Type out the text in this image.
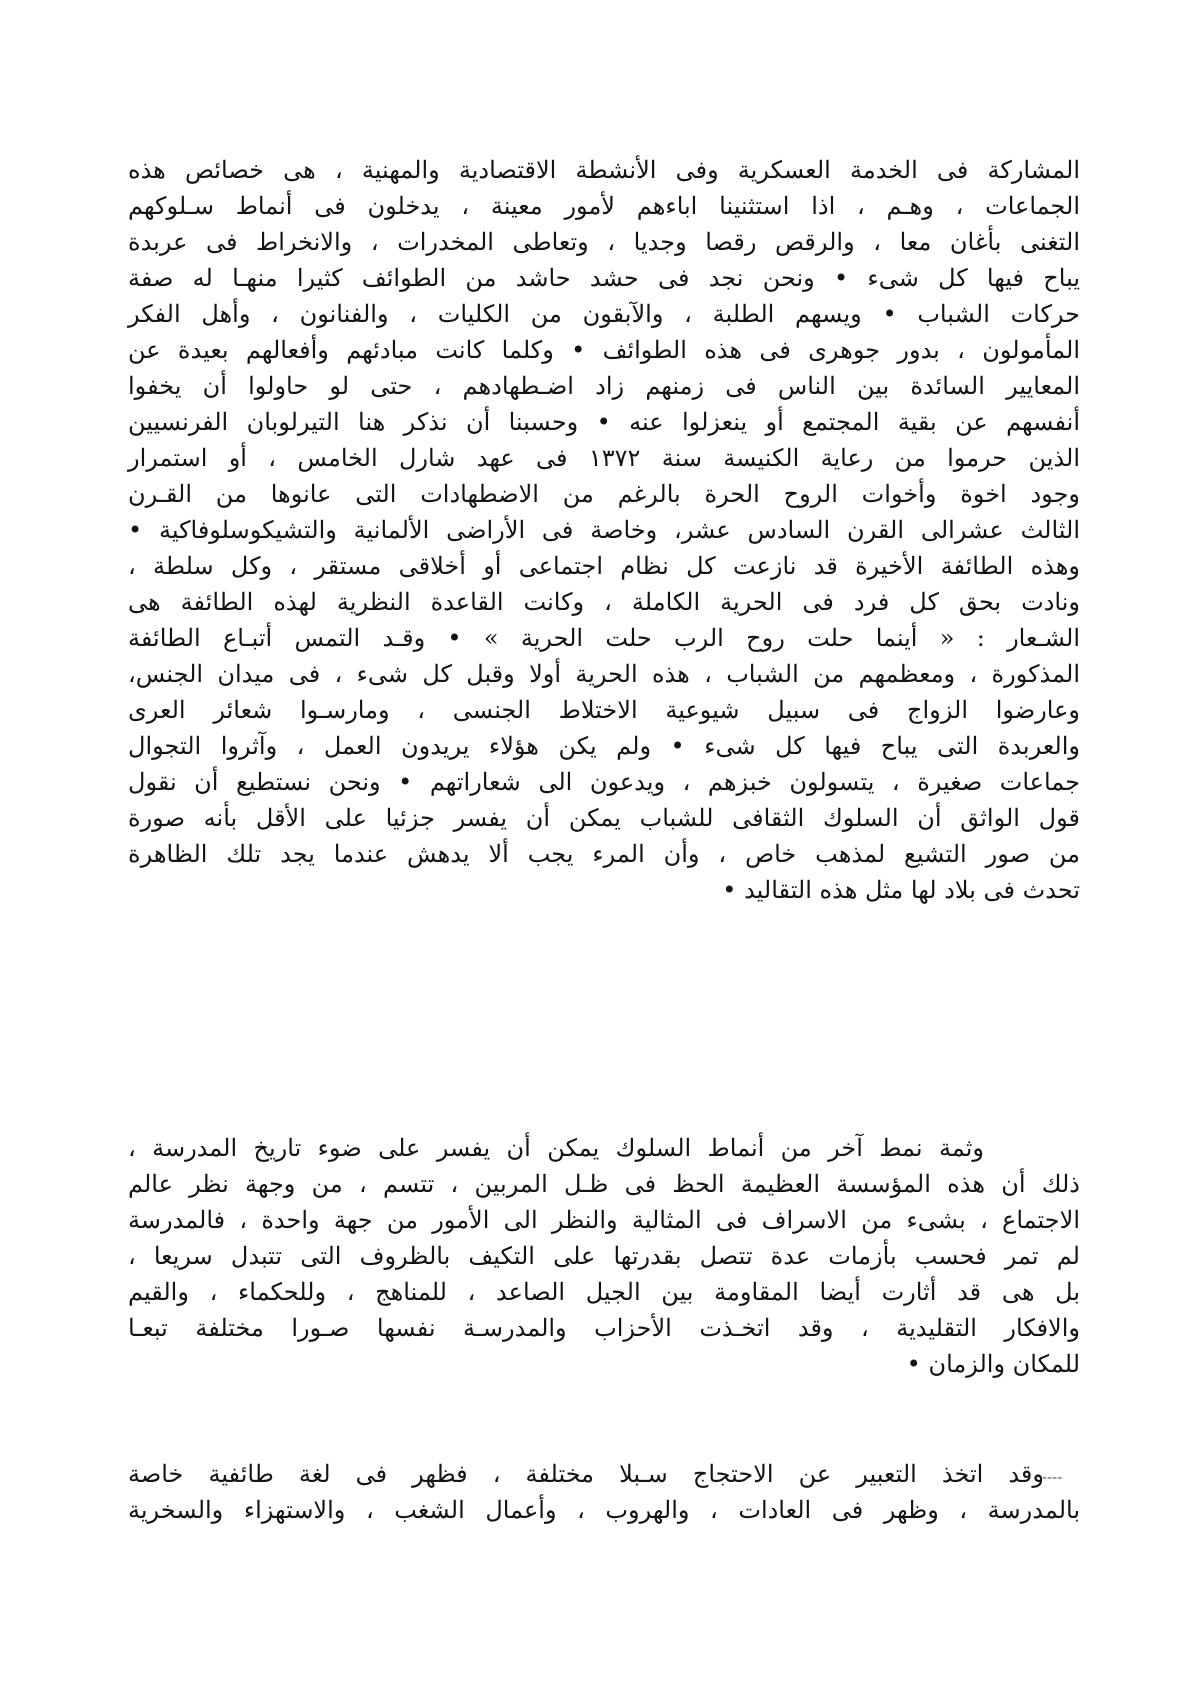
المشاركة فى الخدمة العسكرية وفى الأنشطة الاقتصادية والمهنية ، هى خصائص هذه
الجماعات ، وهـم ، اذا استثنينا اباءهم لأمور معينة ، يدخلون فى أنماط سـلوكهم
التغنى بأغان معا ، والرقص رقصا وجديا ، وتعاطى المخدرات ، والانخراط فى عربدة
يباح فيها كل شىء • ونحن نجد فى حشد حاشد من الطوائف كثيرا منهـا له صفة
حركات الشباب • ويسهم الطلبة ، والآبقون من الكليات ، والفنانون ، وأهل الفكر
المأمولون ، بدور جوهرى فى هذه الطوائف • وكلما كانت مبادئهم وأفعالهم بعيدة عن
المعايير السائدة بين الناس فى زمنهم زاد اضـطهادهم ، حتى لو حاولوا أن يخفوا
أنفسهم عن بقية المجتمع أو ينعزلوا عنه • وحسبنا أن نذكر هنا التيرلوبان الفرنسيين
الذين حرموا من رعاية الكنيسة سنة ١٣٧٢ فى عهد شارل الخامس ، أو استمرار
وجود اخوة وأخوات الروح الحرة بالرغم من الاضطهادات التى عانوها من القـرن
الثالث عشرالى القرن السادس عشر، وخاصة فى الأراضى الألمانية والتشيكوسلوفاكية •
وهذه الطائفة الأخيرة قد نازعت كل نظام اجتماعى أو أخلاقى مستقر ، وكل سلطة ،
ونادت بحق كل فرد فى الحرية الكاملة ، وكانت القاعدة النظرية لهذه الطائفة هى
الشـعار : « أينما حلت روح الرب حلت الحرية » • وقـد التمس أتبـاع الطائفة
المذكورة ، ومعظمهم من الشباب ، هذه الحرية أولا وقبل كل شىء ، فى ميدان الجنس،
وعارضوا الزواج فى سبيل شيوعية الاختلاط الجنسى ، ومارسـوا شعائر العرى
والعربدة التى يباح فيها كل شىء • ولم يكن هؤلاء يريدون العمل ، وآثروا التجوال
جماعات صغيرة ، يتسولون خبزهم ، ويدعون الى شعاراتهم • ونحن نستطيع أن نقول
قول الواثق أن السلوك الثقافى للشباب يمكن أن يفسر جزئيا على الأقل بأنه صورة
من صور التشيع لمذهب خاص ، وأن المرء يجب ألا يدهش عندما يجد تلك الظاهرة
تحدث فى بلاد لها مثل هذه التقاليد •
وثمة نمط آخر من أنماط السلوك يمكن أن يفسر على ضوء تاريخ المدرسة ،
ذلك أن هذه المؤسسة العظيمة الحظ فى ظـل المربين ، تتسم ، من وجهة نظر عالم
الاجتماع ، بشىء من الاسراف فى المثالية والنظر الى الأمور من جهة واحدة ، فالمدرسة
لم تمر فحسب بأزمات عدة تتصل بقدرتها على التكيف بالظروف التى تتبدل سريعا ،
بل هى قد أثارت أيضا المقاومة بين الجيل الصاعد ، للمناهج ، وللحكماء ، والقيم
والافكار التقليدية ، وقد اتخـذت الأحزاب والمدرسـة نفسها صـورا مختلفة تبعـا
للمكان والزمان •
----
وقد اتخذ التعبير عن الاحتجاج سـبلا مختلفة ، فظهر فى لغة طائفية خاصة
بالمدرسة ، وظهر فى العادات ، والهروب ، وأعمال الشغب ، والاستهزاء والسخرية
